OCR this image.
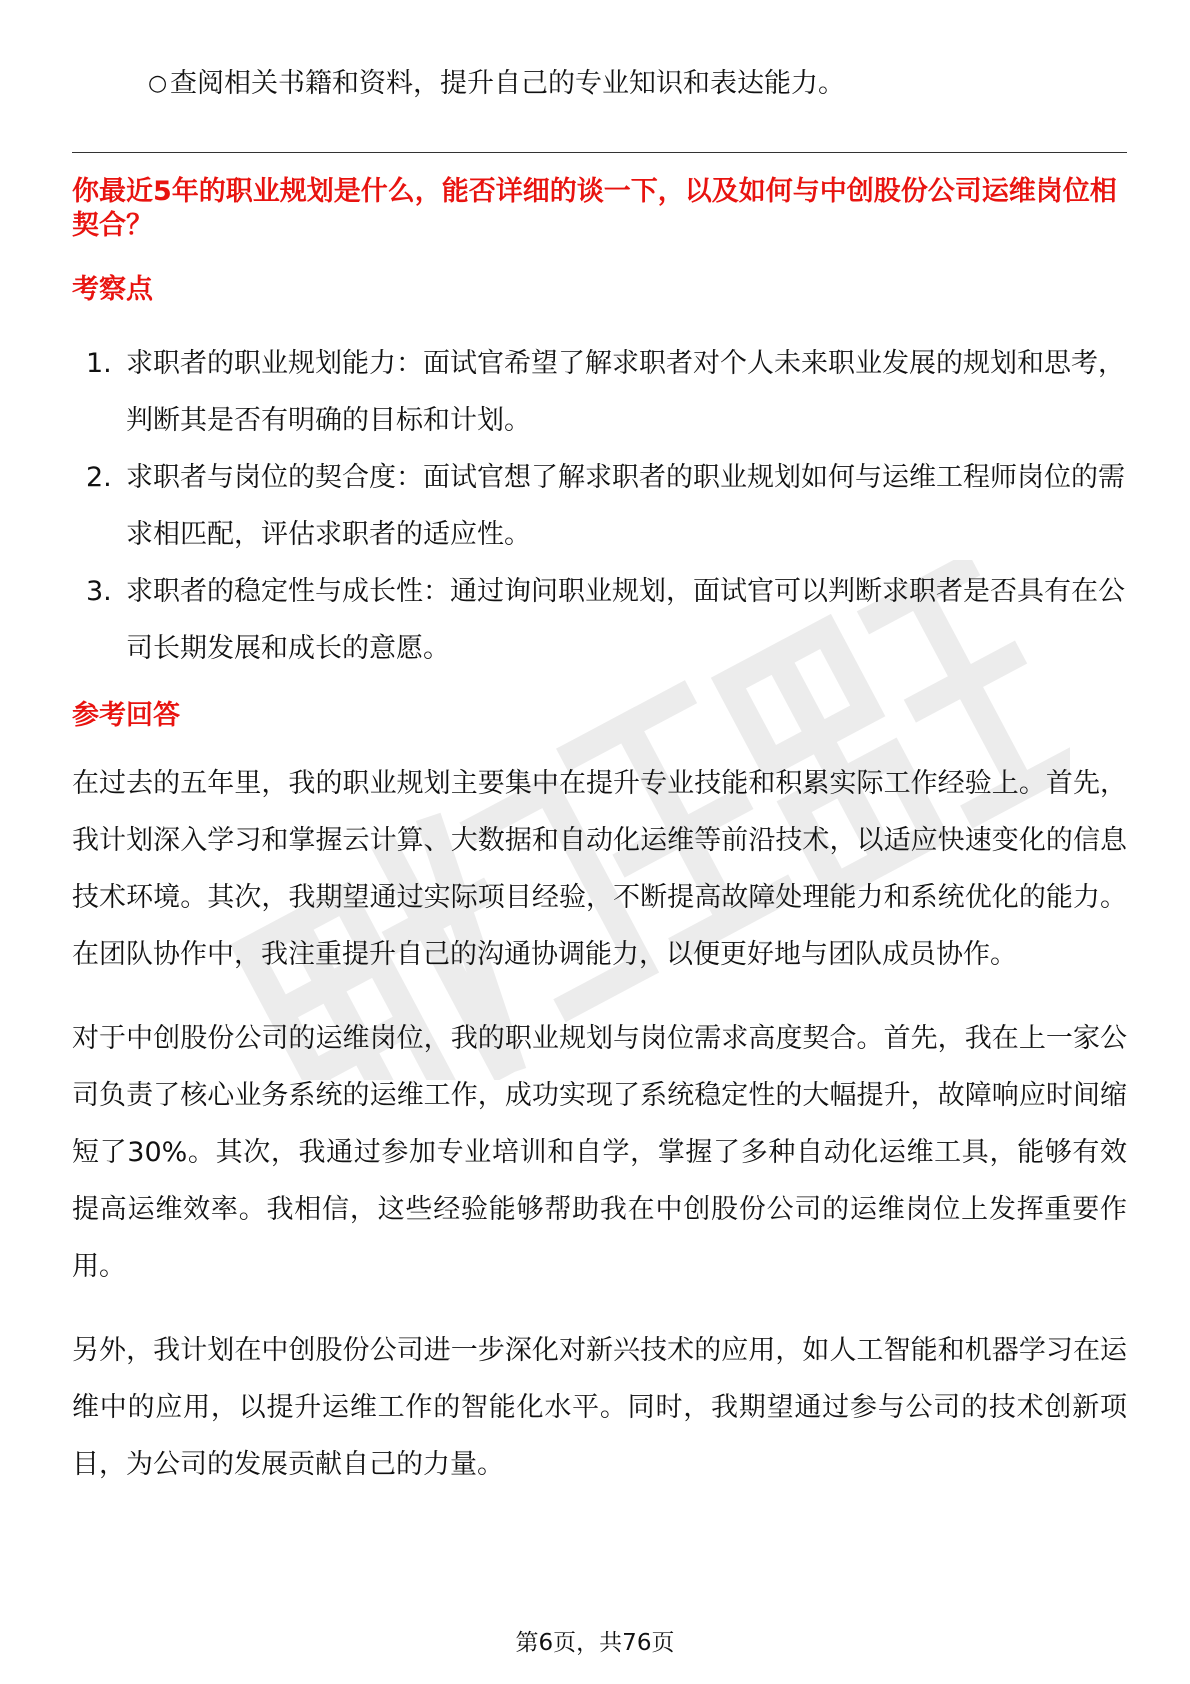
○ 查阅相关书籍和资料，提升自己的专业知识和表达能力。
你最近5年的职业规划是什么，能否详细的谈一下，以及如何与中创股份公司运维岗位相契合？
考察点
1. 求职者的职业规划能力：面试官希望了解求职者对个人未来职业发展的规划和思考，判断其是否有明确的目标和计划。
2. 求职者与岗位的契合度：面试官想了解求职者的职业规划如何与运维工程师岗位的需求相匹配，评估求职者的适应性。
3. 求职者的稳定性与成长性：通过询问职业规划，面试官可以判断求职者是否具有在公司长期发展和成长的意愿。
参考回答

在过去的五年里，我的职业规划主要集中在提升专业技能和积累实际工作经验上。首先，我计划深入学习和掌握云计算、大数据和自动化运维等前沿技术，以适应快速变化的信息技术环境。其次，我期望通过实际项目经验，不断提高故障处理能力和系统优化的能力。在团队协作中，我注重提升自己的沟通协调能力，以便更好地与团队成员协作。

对于中创股份公司的运维岗位，我的职业规划与岗位需求高度契合。首先，我在上一家公司负责了核心业务系统的运维工作，成功实现了系统稳定性的大幅提升，故障响应时间缩短了30%。其次，我通过参加专业培训和自学，掌握了多种自动化运维工具，能够有效提高运维效率。我相信，这些经验能够帮助我在中创股份公司的运维岗位上发挥重要作用。

另外，我计划在中创股份公司进一步深化对新兴技术的应用，如人工智能和机器学习在运维中的应用，以提升运维工作的智能化水平。同时，我期望通过参与公司的技术创新项目，为公司的发展贡献自己的力量。

第6页，共76页
